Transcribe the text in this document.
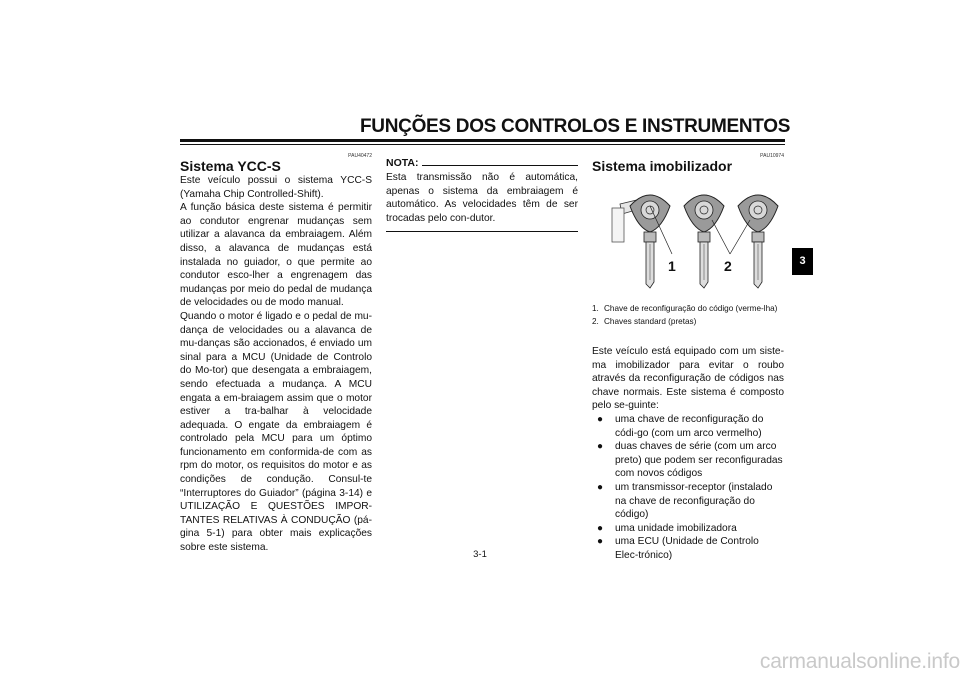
FUNÇÕES DOS CONTROLOS E INSTRUMENTOS
PAU40472
Sistema YCC-S

Este veículo possui o sistema YCC-S (Yamaha Chip Controlled-Shift).

A função básica deste sistema é permitir ao condutor engrenar mudanças sem utilizar a alavanca da embraiagem. Além disso, a alavanca de mudanças está instalada no guiador, o que permite ao condutor esco-lher a engrenagem das mudanças por meio do pedal de mudança de velocidades ou de modo manual.

Quando o motor é ligado e o pedal de mu-dança de velocidades ou a alavanca de mu-danças são accionados, é enviado um sinal para a MCU (Unidade de Controlo do Mo-tor) que desengata a embraiagem, sendo efectuada a mudança. A MCU engata a em-braiagem assim que o motor estiver a tra-balhar à velocidade adequada. O engate da embraiagem é controlado pela MCU para um óptimo funcionamento em conformida-de com as rpm do motor, os requisitos do motor e as condições de condução. Consul-te “Interruptores do Guiador” (página 3-14) e UTILIZAÇÃO E QUESTÕES IMPOR-TANTES RELATIVAS À CONDUÇÃO (pá-gina 5-1) para obter mais explicações sobre este sistema.

NOTA:
Esta transmissão não é automática, apenas o sistema da embraiagem é automático. As velocidades têm de ser trocadas pelo con-dutor.
PAU10974
Sistema imobilizador
1	2
1. Chave de reconfiguração do código (verme-lha)
2. Chaves standard (pretas)
Este veículo está equipado com um siste-ma imobilizador para evitar o roubo através da reconfiguração de códigos nas chave normais. Este sistema é composto pelo se-guinte:
●	uma chave de reconfiguração do códi-go (com um arco vermelho)
●	duas chaves de série (com um arco preto) que podem ser reconfiguradas com novos códigos
●	um transmissor-receptor (instalado na chave de reconfiguração do código)
●	uma unidade imobilizadora
●	uma ECU (Unidade de Controlo Elec-trónico)
3
3-1
carmanualsonline.info
